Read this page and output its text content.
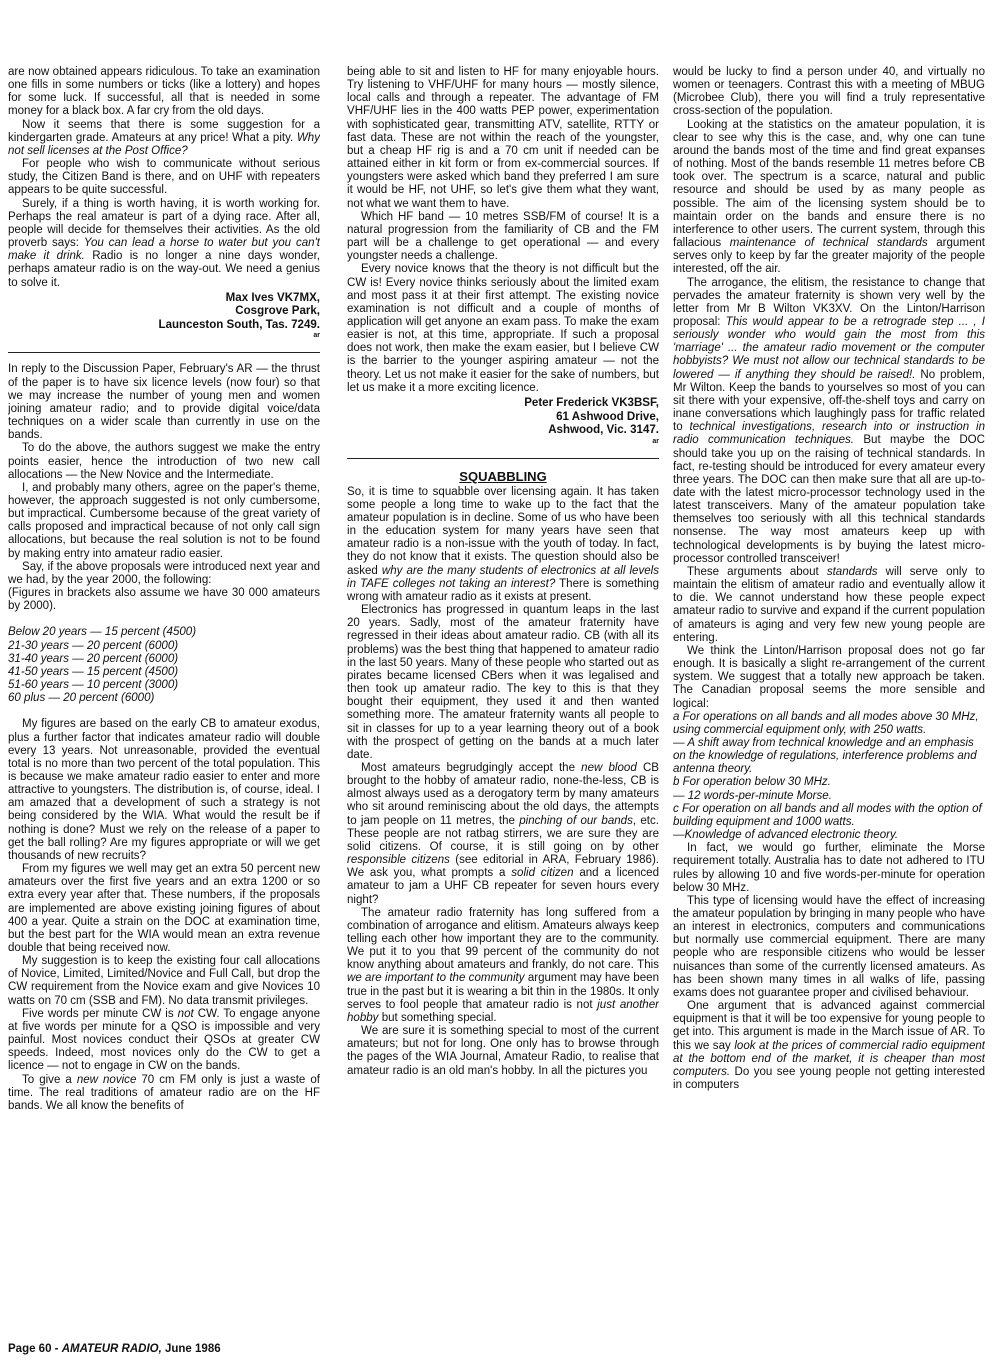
are now obtained appears ridiculous. To take an examination one fills in some numbers or ticks (like a lottery) and hopes for some luck. If successful, all that is needed in some money for a black box. A far cry from the old days.

Now it seems that there is some suggestion for a kindergarten grade. Amateurs at any price! What a pity. Why not sell licenses at the Post Office?

For people who wish to communicate without serious study, the Citizen Band is there, and on UHF with repeaters appears to be quite successful.

Surely, if a thing is worth having, it is worth working for. Perhaps the real amateur is part of a dying race. After all, people will decide for themselves their activities. As the old proverb says: You can lead a horse to water but you can't make it drink. Radio is no longer a nine days wonder, perhaps amateur radio is on the way-out. We need a genius to solve it.

Max Ives VK7MX,
Cosgrove Park,
Launceston South, Tas. 7249.
ar

In reply to the Discussion Paper, February's AR — the thrust of the paper is to have six licence levels (now four) so that we may increase the number of young men and women joining amateur radio; and to provide digital voice/data techniques on a wider scale than currently in use on the bands.

To do the above, the authors suggest we make the entry points easier, hence the introduction of two new call allocations — the New Novice and the Intermediate.

I, and probably many others, agree on the paper's theme, however, the approach suggested is not only cumbersome, but impractical. Cumbersome because of the great variety of calls proposed and impractical because of not only call sign allocations, but because the real solution is not to be found by making entry into amateur radio easier.

Say, if the above proposals were introduced next year and we had, by the year 2000, the following:

(Figures in brackets also assume we have 30 000 amateurs by 2000).

Below 20 years — 15 percent (4500)

21-30 years — 20 percent (6000)

31-40 years — 20 percent (6000)

41-50 years — 15 percent (4500)

51-60 years — 10 percent (3000)

60 plus — 20 percent (6000)

My figures are based on the early CB to amateur exodus, plus a further factor that indicates amateur radio will double every 13 years. Not unreasonable, provided the eventual total is no more than two percent of the total population. This is because we make amateur radio easier to enter and more attractive to youngsters. The distribution is, of course, ideal. I am amazed that a development of such a strategy is not being considered by the WIA. What would the result be if nothing is done? Must we rely on the release of a paper to get the ball rolling? Are my figures appropriate or will we get thousands of new recruits?

From my figures we well may get an extra 50 percent new amateurs over the first five years and an extra 1200 or so extra every year after that. These numbers, if the proposals are implemented are above existing joining figures of about 400 a year. Quite a strain on the DOC at examination time, but the best part for the WIA would mean an extra revenue double that being received now.

My suggestion is to keep the existing four call allocations of Novice, Limited, Limited/Novice and Full Call, but drop the CW requirement from the Novice exam and give Novices 10 watts on 70 cm (SSB and FM). No data transmit privileges.

Five words per minute CW is not CW. To engage anyone at five words per minute for a QSO is impossible and very painful. Most novices conduct their QSOs at greater CW speeds. Indeed, most novices only do the CW to get a licence — not to engage in CW on the bands.

To give a new novice 70 cm FM only is just a waste of time. The real traditions of amateur radio are on the HF bands. We all know the benefits of

being able to sit and listen to HF for many enjoyable hours. Try listening to VHF/UHF for many hours — mostly silence, local calls and through a repeater. The advantage of FM VHF/UHF lies in the 400 watts PEP power, experimentation with sophisticated gear, transmitting ATV, satellite, RTTY or fast data. These are not within the reach of the youngster, but a cheap HF rig is and a 70 cm unit if needed can be attained either in kit form or from ex-commercial sources. If youngsters were asked which band they preferred I am sure it would be HF, not UHF, so let's give them what they want, not what we want them to have.

Which HF band — 10 metres SSB/FM of course! It is a natural progression from the familiarity of CB and the FM part will be a challenge to get operational — and every youngster needs a challenge.

Every novice knows that the theory is not difficult but the CW is! Every novice thinks seriously about the limited exam and most pass it at their first attempt. The existing novice examination is not difficult and a couple of months of application will get anyone an exam pass. To make the exam easier is not, at this time, appropriate. If such a proposal does not work, then make the exam easier, but I believe CW is the barrier to the younger aspiring amateur — not the theory. Let us not make it easier for the sake of numbers, but let us make it a more exciting licence.

Peter Frederick VK3BSF,
61 Ashwood Drive,
Ashwood, Vic. 3147.
ar
SQUABBLING

So, it is time to squabble over licensing again. It has taken some people a long time to wake up to the fact that the amateur population is in decline. Some of us who have been in the education system for many years have seen that amateur radio is a non-issue with the youth of today. In fact, they do not know that it exists. The question should also be asked why are the many students of electronics at all levels in TAFE colleges not taking an interest? There is something wrong with amateur radio as it exists at present.

Electronics has progressed in quantum leaps in the last 20 years. Sadly, most of the amateur fraternity have regressed in their ideas about amateur radio. CB (with all its problems) was the best thing that happened to amateur radio in the last 50 years. Many of these people who started out as pirates became licensed CBers when it was legalised and then took up amateur radio. The key to this is that they bought their equipment, they used it and then wanted something more. The amateur fraternity wants all people to sit in classes for up to a year learning theory out of a book with the prospect of getting on the bands at a much later date.

Most amateurs begrudgingly accept the new blood CB brought to the hobby of amateur radio, none-the-less, CB is almost always used as a derogatory term by many amateurs who sit around reminiscing about the old days, the attempts to jam people on 11 metres, the pinching of our bands, etc. These people are not ratbag stirrers, we are sure they are solid citizens. Of course, it is still going on by other responsible citizens (see editorial in ARA, February 1986). We ask you, what prompts a solid citizen and a licenced amateur to jam a UHF CB repeater for seven hours every night?

The amateur radio fraternity has long suffered from a combination of arrogance and elitism. Amateurs always keep telling each other how important they are to the community. We put it to you that 99 percent of the community do not know anything about amateurs and frankly, do not care. This we are important to the community argument may have been true in the past but it is wearing a bit thin in the 1980s. It only serves to fool people that amateur radio is not just another hobby but something special.

We are sure it is something special to most of the current amateurs; but not for long. One only has to browse through the pages of the WIA Journal, Amateur Radio, to realise that amateur radio is an old man's hobby. In all the pictures you

would be lucky to find a person under 40, and virtually no women or teenagers. Contrast this with a meeting of MBUG (Microbee Club), there you will find a truly representative cross-section of the population.

Looking at the statistics on the amateur population, it is clear to see why this is the case, and, why one can tune around the bands most of the time and find great expanses of nothing. Most of the bands resemble 11 metres before CB took over. The spectrum is a scarce, natural and public resource and should be used by as many people as possible. The aim of the licensing system should be to maintain order on the bands and ensure there is no interference to other users. The current system, through this fallacious maintenance of technical standards argument serves only to keep by far the greater majority of the people interested, off the air.

The arrogance, the elitism, the resistance to change that pervades the amateur fraternity is shown very well by the letter from Mr B Wilton VK3XV. On the Linton/Harrison proposal: This would appear to be a retrograde step ... , I seriously wonder who would gain the most from this 'marriage' ... the amateur radio movement or the computer hobbyists? We must not allow our technical standards to be lowered — if anything they should be raised!. No problem, Mr Wilton. Keep the bands to yourselves so most of you can sit there with your expensive, off-the-shelf toys and carry on inane conversations which laughingly pass for traffic related to technical investigations, research into or instruction in radio communication techniques. But maybe the DOC should take you up on the raising of technical standards. In fact, re-testing should be introduced for every amateur every three years. The DOC can then make sure that all are up-to-date with the latest micro-processor technology used in the latest transceivers. Many of the amateur population take themselves too seriously with all this technical standards nonsense. The way most amateurs keep up with technological developments is by buying the latest micro-processor controlled transceiver!

These arguments about standards will serve only to maintain the elitism of amateur radio and eventually allow it to die. We cannot understand how these people expect amateur radio to survive and expand if the current population of amateurs is aging and very few new young people are entering.

We think the Linton/Harrison proposal does not go far enough. It is basically a slight re-arrangement of the current system. We suggest that a totally new approach be taken. The Canadian proposal seems the more sensible and logical:

a For operations on all bands and all modes above 30 MHz, using commercial equipment only, with 250 watts.

— A shift away from technical knowledge and an emphasis on the knowledge of regulations, interference problems and antenna theory.

b For operation below 30 MHz.

— 12 words-per-minute Morse.

c For operation on all bands and all modes with the option of building equipment and 1000 watts.

—Knowledge of advanced electronic theory.

In fact, we would go further, eliminate the Morse requirement totally. Australia has to date not adhered to ITU rules by allowing 10 and five words-per-minute for operation below 30 MHz.

This type of licensing would have the effect of increasing the amateur population by bringing in many people who have an interest in electronics, computers and communications but normally use commercial equipment. There are many people who are responsible citizens who would be lesser nuisances than some of the currently licensed amateurs. As has been shown many times in all walks of life, passing exams does not guarantee proper and civilised behaviour.

One argument that is advanced against commercial equipment is that it will be too expensive for young people to get into. This argument is made in the March issue of AR. To this we say look at the prices of commercial radio equipment at the bottom end of the market, it is cheaper than most computers. Do you see young people not getting interested in computers

Page 60 - AMATEUR RADIO, June 1986
